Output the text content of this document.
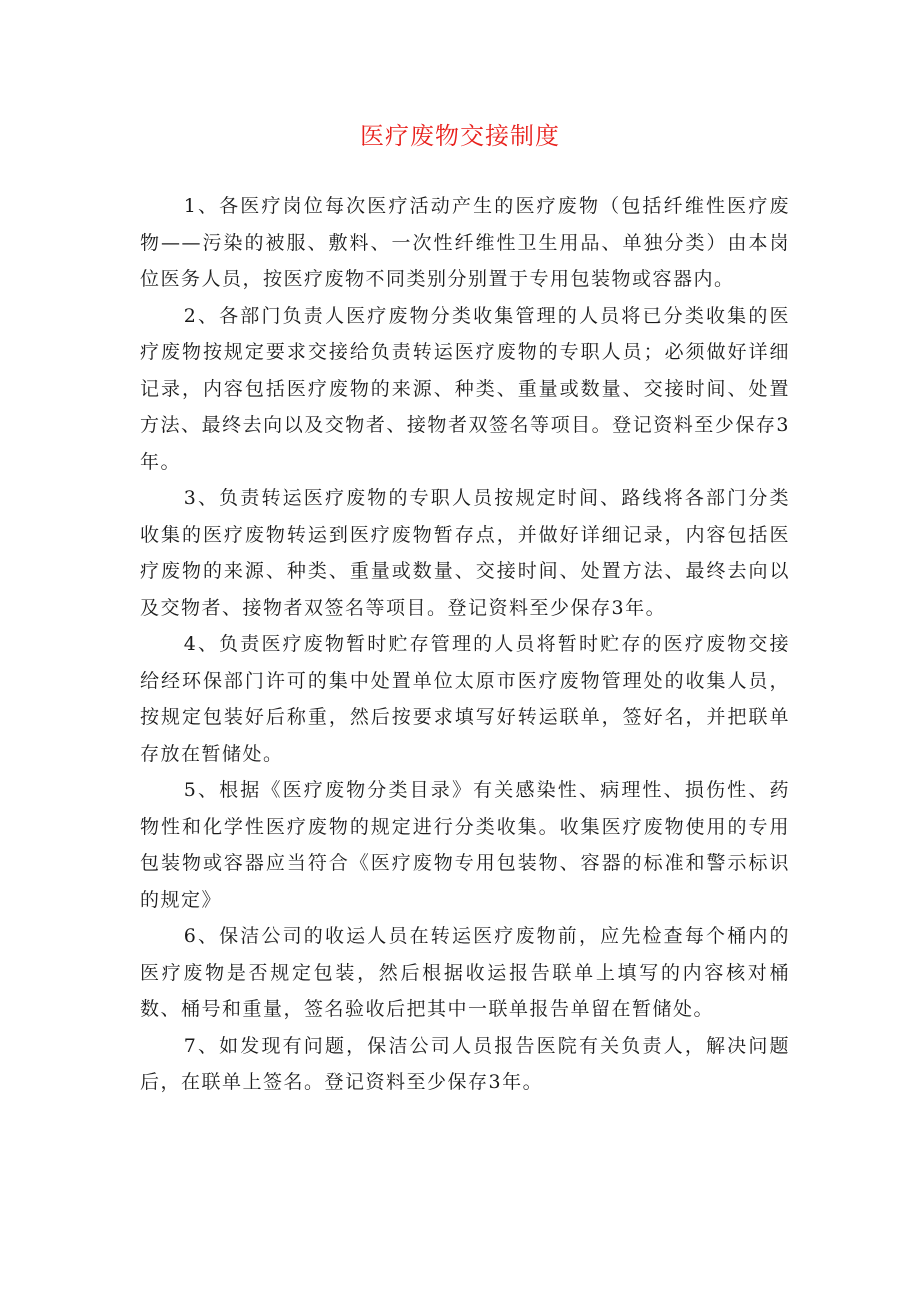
医疗废物交接制度

1、各医疗岗位每次医疗活动产生的医疗废物（包括纤维性医疗废物——污染的被服、敷料、一次性纤维性卫生用品、单独分类）由本岗位医务人员，按医疗废物不同类别分别置于专用包装物或容器内。

2、各部门负责人医疗废物分类收集管理的人员将已分类收集的医疗废物按规定要求交接给负责转运医疗废物的专职人员；必须做好详细记录，内容包括医疗废物的来源、种类、重量或数量、交接时间、处置方法、最终去向以及交物者、接物者双签名等项目。登记资料至少保存3年。

3、负责转运医疗废物的专职人员按规定时间、路线将各部门分类收集的医疗废物转运到医疗废物暂存点，并做好详细记录，内容包括医疗废物的来源、种类、重量或数量、交接时间、处置方法、最终去向以及交物者、接物者双签名等项目。登记资料至少保存3年。

4、负责医疗废物暂时贮存管理的人员将暂时贮存的医疗废物交接给经环保部门许可的集中处置单位太原市医疗废物管理处的收集人员，按规定包装好后称重，然后按要求填写好转运联单，签好名，并把联单存放在暂储处。

5、根据《医疗废物分类目录》有关感染性、病理性、损伤性、药物性和化学性医疗废物的规定进行分类收集。收集医疗废物使用的专用包装物或容器应当符合《医疗废物专用包装物、容器的标准和警示标识的规定》

6、保洁公司的收运人员在转运医疗废物前，应先检查每个桶内的医疗废物是否规定包装，然后根据收运报告联单上填写的内容核对桶数、桶号和重量，签名验收后把其中一联单报告单留在暂储处。

7、如发现有问题，保洁公司人员报告医院有关负责人，解决问题后，在联单上签名。登记资料至少保存3年。
